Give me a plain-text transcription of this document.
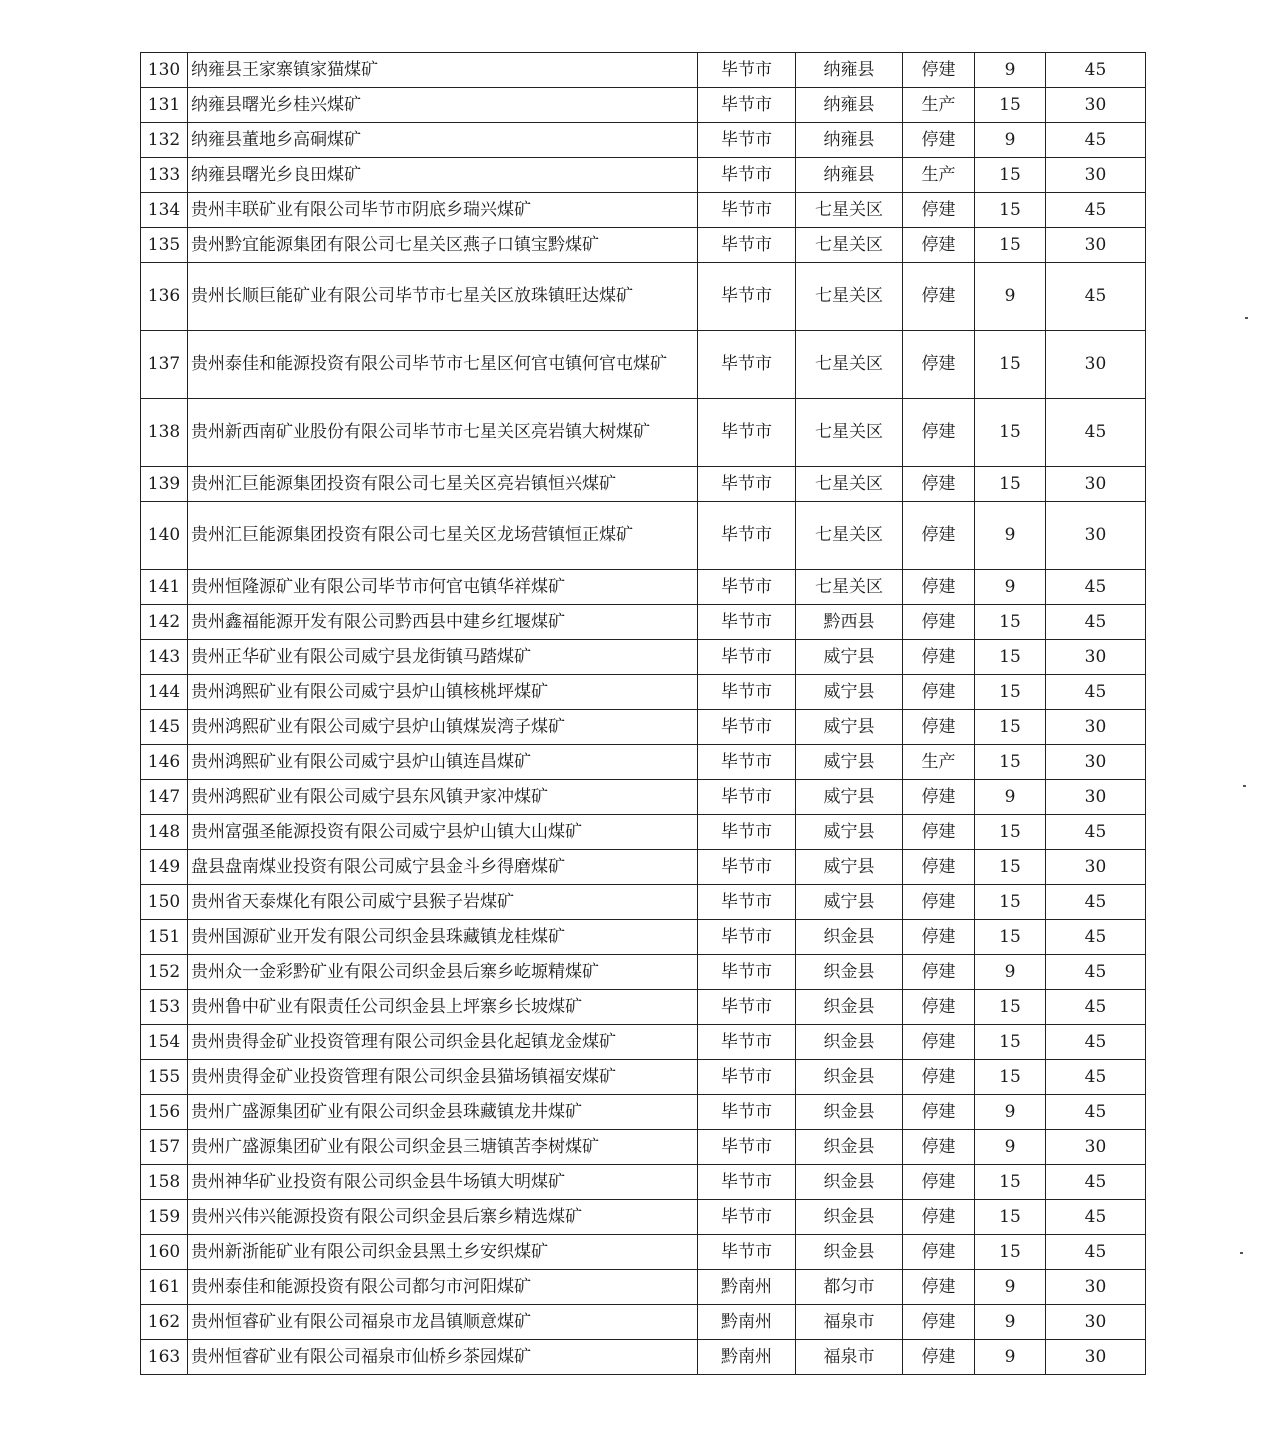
130	纳雍县王家寨镇家猫煤矿	毕节市	纳雍县	停建	9	45
131	纳雍县曙光乡桂兴煤矿	毕节市	纳雍县	生产	15	30
132	纳雍县董地乡高硐煤矿	毕节市	纳雍县	停建	9	45
133	纳雍县曙光乡良田煤矿	毕节市	纳雍县	生产	15	30
134	贵州丰联矿业有限公司毕节市阴底乡瑞兴煤矿	毕节市	七星关区	停建	15	45
135	贵州黔宜能源集团有限公司七星关区燕子口镇宝黔煤矿	毕节市	七星关区	停建	15	30
136	贵州长顺巨能矿业有限公司毕节市七星关区放珠镇旺达煤矿	毕节市	七星关区	停建	9	45
137	贵州泰佳和能源投资有限公司毕节市七星区何官屯镇何官屯煤矿	毕节市	七星关区	停建	15	30
138	贵州新西南矿业股份有限公司毕节市七星关区亮岩镇大树煤矿	毕节市	七星关区	停建	15	45
139	贵州汇巨能源集团投资有限公司七星关区亮岩镇恒兴煤矿	毕节市	七星关区	停建	15	30
140	贵州汇巨能源集团投资有限公司七星关区龙场营镇恒正煤矿	毕节市	七星关区	停建	9	30
141	贵州恒隆源矿业有限公司毕节市何官屯镇华祥煤矿	毕节市	七星关区	停建	9	45
142	贵州鑫福能源开发有限公司黔西县中建乡红堰煤矿	毕节市	黔西县	停建	15	45
143	贵州正华矿业有限公司威宁县龙街镇马踏煤矿	毕节市	威宁县	停建	15	30
144	贵州鸿熙矿业有限公司威宁县炉山镇核桃坪煤矿	毕节市	威宁县	停建	15	45
145	贵州鸿熙矿业有限公司威宁县炉山镇煤炭湾子煤矿	毕节市	威宁县	停建	15	30
146	贵州鸿熙矿业有限公司威宁县炉山镇连昌煤矿	毕节市	威宁县	生产	15	30
147	贵州鸿熙矿业有限公司威宁县东风镇尹家冲煤矿	毕节市	威宁县	停建	9	30
148	贵州富强圣能源投资有限公司威宁县炉山镇大山煤矿	毕节市	威宁县	停建	15	45
149	盘县盘南煤业投资有限公司威宁县金斗乡得磨煤矿	毕节市	威宁县	停建	15	30
150	贵州省天泰煤化有限公司威宁县猴子岩煤矿	毕节市	威宁县	停建	15	45
151	贵州国源矿业开发有限公司织金县珠藏镇龙桂煤矿	毕节市	织金县	停建	15	45
152	贵州众一金彩黔矿业有限公司织金县后寨乡屹塬精煤矿	毕节市	织金县	停建	9	45
153	贵州鲁中矿业有限责任公司织金县上坪寨乡长坡煤矿	毕节市	织金县	停建	15	45
154	贵州贵得金矿业投资管理有限公司织金县化起镇龙金煤矿	毕节市	织金县	停建	15	45
155	贵州贵得金矿业投资管理有限公司织金县猫场镇福安煤矿	毕节市	织金县	停建	15	45
156	贵州广盛源集团矿业有限公司织金县珠藏镇龙井煤矿	毕节市	织金县	停建	9	45
157	贵州广盛源集团矿业有限公司织金县三塘镇苦李树煤矿	毕节市	织金县	停建	9	30
158	贵州神华矿业投资有限公司织金县牛场镇大明煤矿	毕节市	织金县	停建	15	45
159	贵州兴伟兴能源投资有限公司织金县后寨乡精选煤矿	毕节市	织金县	停建	15	45
160	贵州新浙能矿业有限公司织金县黑土乡安织煤矿	毕节市	织金县	停建	15	45
161	贵州泰佳和能源投资有限公司都匀市河阳煤矿	黔南州	都匀市	停建	9	30
162	贵州恒睿矿业有限公司福泉市龙昌镇顺意煤矿	黔南州	福泉市	停建	9	30
163	贵州恒睿矿业有限公司福泉市仙桥乡茶园煤矿	黔南州	福泉市	停建	9	30
